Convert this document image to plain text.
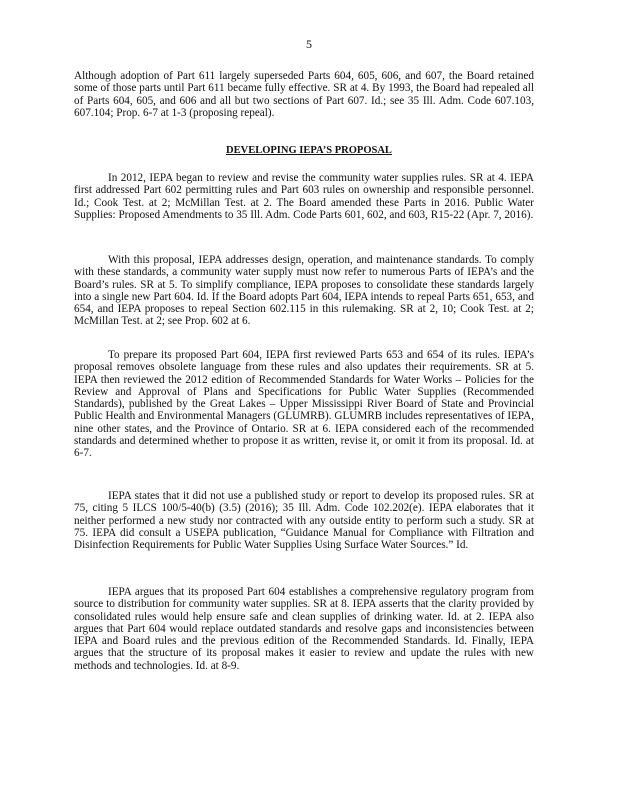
5

Although adoption of Part 611 largely superseded Parts 604, 605, 606, and 607, the Board retained some of those parts until Part 611 became fully effective. SR at 4. By 1993, the Board had repealed all of Parts 604, 605, and 606 and all but two sections of Part 607. Id.; see 35 Ill. Adm. Code 607.103, 607.104; Prop. 6-7 at 1-3 (proposing repeal).

DEVELOPING IEPA’S PROPOSAL

In 2012, IEPA began to review and revise the community water supplies rules. SR at 4. IEPA first addressed Part 602 permitting rules and Part 603 rules on ownership and responsible personnel. Id.; Cook Test. at 2; McMillan Test. at 2. The Board amended these Parts in 2016. Public Water Supplies: Proposed Amendments to 35 Ill. Adm. Code Parts 601, 602, and 603, R15-22 (Apr. 7, 2016).

With this proposal, IEPA addresses design, operation, and maintenance standards. To comply with these standards, a community water supply must now refer to numerous Parts of IEPA’s and the Board’s rules. SR at 5. To simplify compliance, IEPA proposes to consolidate these standards largely into a single new Part 604. Id. If the Board adopts Part 604, IEPA intends to repeal Parts 651, 653, and 654, and IEPA proposes to repeal Section 602.115 in this rulemaking. SR at 2, 10; Cook Test. at 2; McMillan Test. at 2; see Prop. 602 at 6.

To prepare its proposed Part 604, IEPA first reviewed Parts 653 and 654 of its rules. IEPA’s proposal removes obsolete language from these rules and also updates their requirements. SR at 5. IEPA then reviewed the 2012 edition of Recommended Standards for Water Works – Policies for the Review and Approval of Plans and Specifications for Public Water Supplies (Recommended Standards), published by the Great Lakes – Upper Mississippi River Board of State and Provincial Public Health and Environmental Managers (GLUMRB). GLUMRB includes representatives of IEPA, nine other states, and the Province of Ontario. SR at 6. IEPA considered each of the recommended standards and determined whether to propose it as written, revise it, or omit it from its proposal. Id. at 6-7.

IEPA states that it did not use a published study or report to develop its proposed rules. SR at 75, citing 5 ILCS 100/5-40(b) (3.5) (2016); 35 Ill. Adm. Code 102.202(e). IEPA elaborates that it neither performed a new study nor contracted with any outside entity to perform such a study. SR at 75. IEPA did consult a USEPA publication, “Guidance Manual for Compliance with Filtration and Disinfection Requirements for Public Water Supplies Using Surface Water Sources.” Id.

IEPA argues that its proposed Part 604 establishes a comprehensive regulatory program from source to distribution for community water supplies. SR at 8. IEPA asserts that the clarity provided by consolidated rules would help ensure safe and clean supplies of drinking water. Id. at 2. IEPA also argues that Part 604 would replace outdated standards and resolve gaps and inconsistencies between IEPA and Board rules and the previous edition of the Recommended Standards. Id. Finally, IEPA argues that the structure of its proposal makes it easier to review and update the rules with new methods and technologies. Id. at 8-9.
